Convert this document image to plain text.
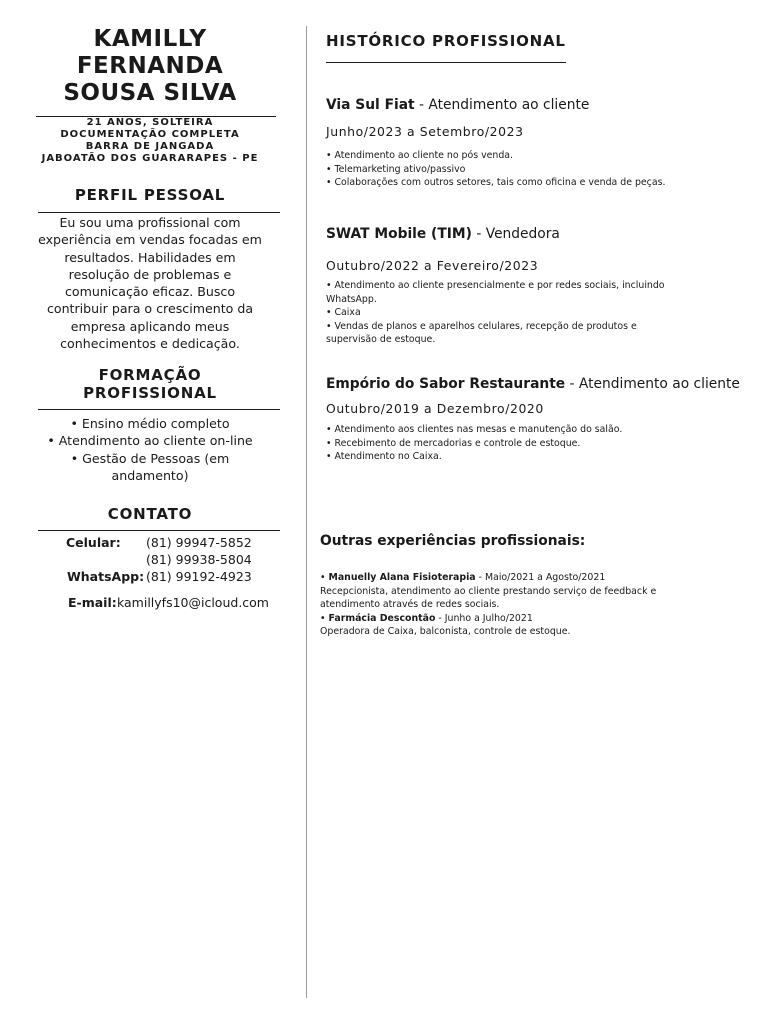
KAMILLY
FERNANDA
SOUSA SILVA
21 ANOS, SOLTEIRA
DOCUMENTAÇÃO COMPLETA
BARRA DE JANGADA
JABOATÃO DOS GUARARAPES - PE
PERFIL PESSOAL
Eu sou uma profissional com
experiência em vendas focadas em
resultados. Habilidades em
resolução de problemas e
comunicação eficaz. Busco
contribuir para o crescimento da
empresa aplicando meus
conhecimentos e dedicação.
FORMAÇÃO
PROFISSIONAL
• Ensino médio completo
• Atendimento ao cliente on-line
• Gestão de Pessoas (em
andamento)
CONTATO
Celular: (81) 99947-5852
(81) 99938-5804
WhatsApp: (81) 99192-4923
E-mail: kamillyfs10@icloud.com
HISTÓRICO PROFISSIONAL
Via Sul Fiat - Atendimento ao cliente
Junho/2023 a Setembro/2023
• Atendimento ao cliente no pós venda.
• Telemarketing ativo/passivo
• Colaborações com outros setores, tais como oficina e venda de peças.
SWAT Mobile (TIM) - Vendedora
Outubro/2022 a Fevereiro/2023
• Atendimento ao cliente presencialmente e por redes sociais, incluindo
WhatsApp.
• Caixa
• Vendas de planos e aparelhos celulares, recepção de produtos e
supervisão de estoque.
Empório do Sabor Restaurante - Atendimento ao cliente
Outubro/2019 a Dezembro/2020
• Atendimento aos clientes nas mesas e manutenção do salão.
• Recebimento de mercadorias e controle de estoque.
• Atendimento no Caixa.
Outras experiências profissionais:
• Manuelly Alana Fisioterapia - Maio/2021 a Agosto/2021
Recepcionista, atendimento ao cliente prestando serviço de feedback e
atendimento através de redes sociais.
• Farmácia Descontão - Junho a Julho/2021
Operadora de Caixa, balconista, controle de estoque.
